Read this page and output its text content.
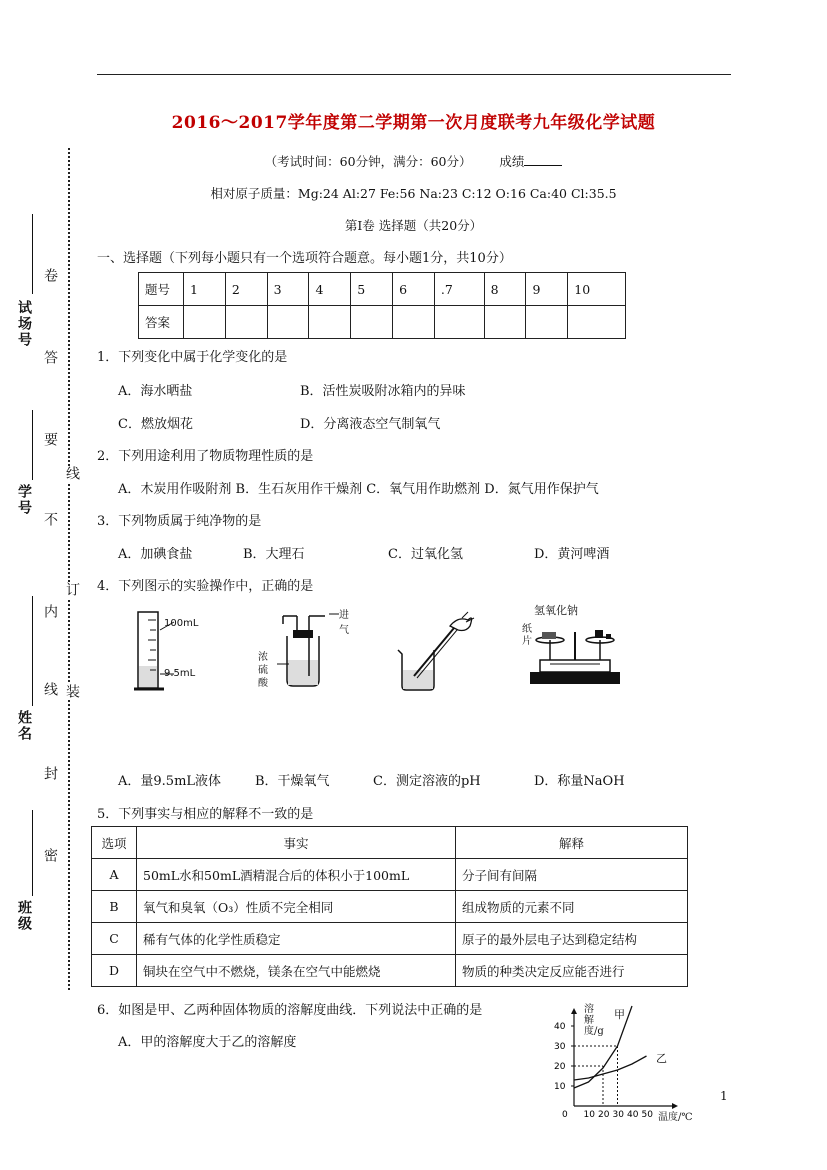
2016～2017学年度第二学期第一次月度联考九年级化学试题
（考试时间：60分钟，满分：60分） 成绩
相对原子质量：Mg:24 Al:27 Fe:56 Na:23 C:12 O:16 Ca:40 Cl:35.5
第Ⅰ卷 选择题（共20分）
试场号
学号
姓名
班级
卷
答
要
不
内
线
封
密
线
订
装
一、选择题（下列每小题只有一个选项符合题意。每小题1分，共10分）
题号	1	2	3	4	5	6	.7	8	9	10
答案										
1．下列变化中属于化学变化的是
A．海水晒盐	B．活性炭吸附冰箱内的异味
C．燃放烟花	D．分离液态空气制氧气
2．下列用途利用了物质物理性质的是
A．木炭用作吸附剂 B．生石灰用作干燥剂 C．氧气用作助燃剂 D．氮气用作保护气
3．下列物质属于纯净物的是
A．加碘食盐	B．大理石	C．过氧化氢	D．黄河啤酒
4．下列图示的实验操作中，正确的是
100mL
9.5mL
进气
浓
硫
酸
氢氧化钠
纸
片
A．量9.5mL液体	B．干燥氧气	C．测定溶液的pH	D．称量NaOH
5．下列事实与相应的解释不一致的是
选项	事实	解释
A	50mL水和50mL酒精混合后的体积小于100mL	分子间有间隔
B	氧气和臭氧（O₃）性质不完全相同	组成物质的元素不同
C	稀有气体的化学性质稳定	原子的最外层电子达到稳定结构
D	铜块在空气中不燃烧，镁条在空气中能燃烧	物质的种类决定反应能否进行
6．如图是甲、乙两种固体物质的溶解度曲线．下列说法中正确的是
A．甲的溶解度大于乙的溶解度
40
30
20
10
0 10 20 30 40 50
溶解度/g
温度/℃
甲
乙
1
